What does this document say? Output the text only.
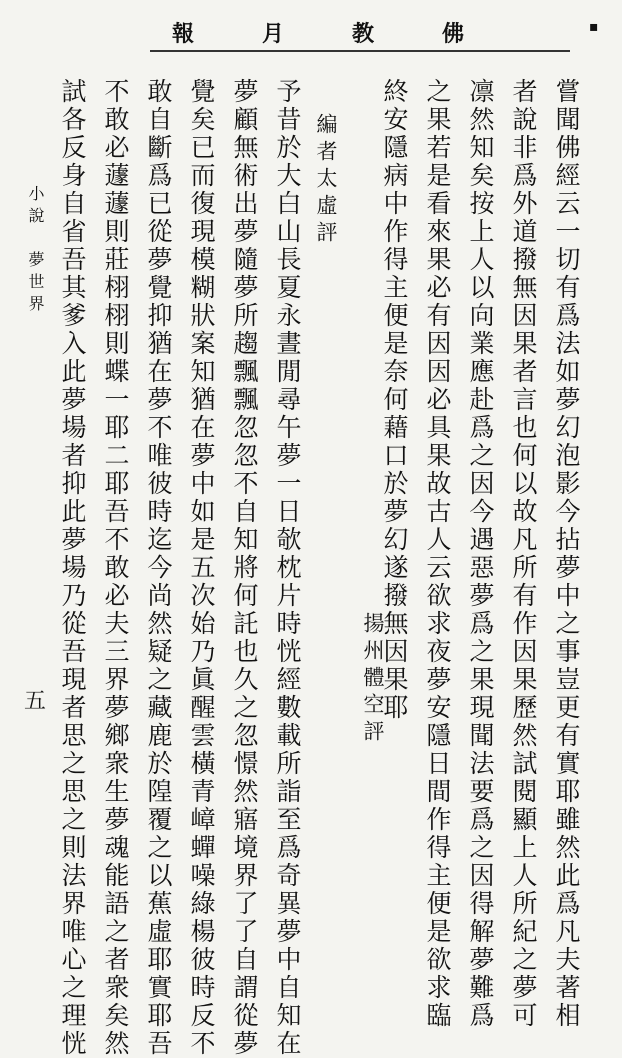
報	月	教	佛	▪
嘗聞佛經云一切有爲法如夢幻泡影今拈夢中之事豈更有實耶雖然此爲凡夫著相
者說非爲外道撥無因果者言也何以故凡所有作因果歷然試閱顯上人所紀之夢可
凛然知矣按上人以向業應赴爲之因今遇惡夢爲之果現聞法要爲之因得解夢難爲
之果若是看來果必有因因必具果故古人云欲求夜夢安隱日間作得主便是欲求臨
終安隱病中作得主便是奈何藉口於夢幻遂撥無因果耶
揚州體空評
編者太虛評
予昔於大白山長夏永晝閒尋午夢一日欹枕片時恍經數載所詣至爲奇異夢中自知在
夢顧無術出夢隨夢所趨飄飄忽忽不自知將何託也久之忽憬然寤境界了了自謂從夢
覺矣已而復現模糊狀案知猶在夢中如是五次始乃眞醒雲橫青嶂蟬噪綠楊彼時反不
敢自斷爲已從夢覺抑猶在夢不唯彼時迄今尚然疑之藏鹿於隍覆之以蕉虛耶實耶吾
不敢必蘧蘧則莊栩栩則蝶一耶二耶吾不敢必夫三界夢鄉衆生夢魂能語之者衆矣然
試各反身自省吾其爹入此夢場者抑此夢場乃從吾現者思之思之則法界唯心之理恍
小說　夢世界
五
